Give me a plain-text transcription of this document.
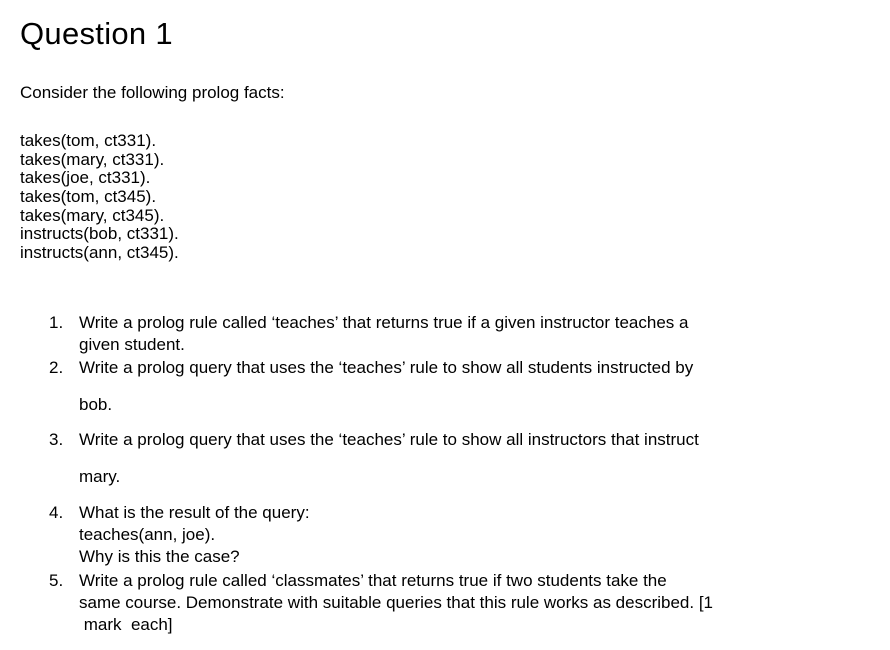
Question 1
Consider the following prolog facts:
takes(tom, ct331).
takes(mary, ct331).
takes(joe, ct331).
takes(tom, ct345).
takes(mary, ct345).
instructs(bob, ct331).
instructs(ann, ct345).
1. Write a prolog rule called ‘teaches’ that returns true if a given instructor teaches a
given student.
2. Write a prolog query that uses the ‘teaches’ rule to show all students instructed by
bob.
3. Write a prolog query that uses the ‘teaches’ rule to show all instructors that instruct
mary.
4. What is the result of the query:
teaches(ann, joe).
Why is this the case?
5. Write a prolog rule called ‘classmates’ that returns true if two students take the
same course. Demonstrate with suitable queries that this rule works as described. [1
mark  each]
